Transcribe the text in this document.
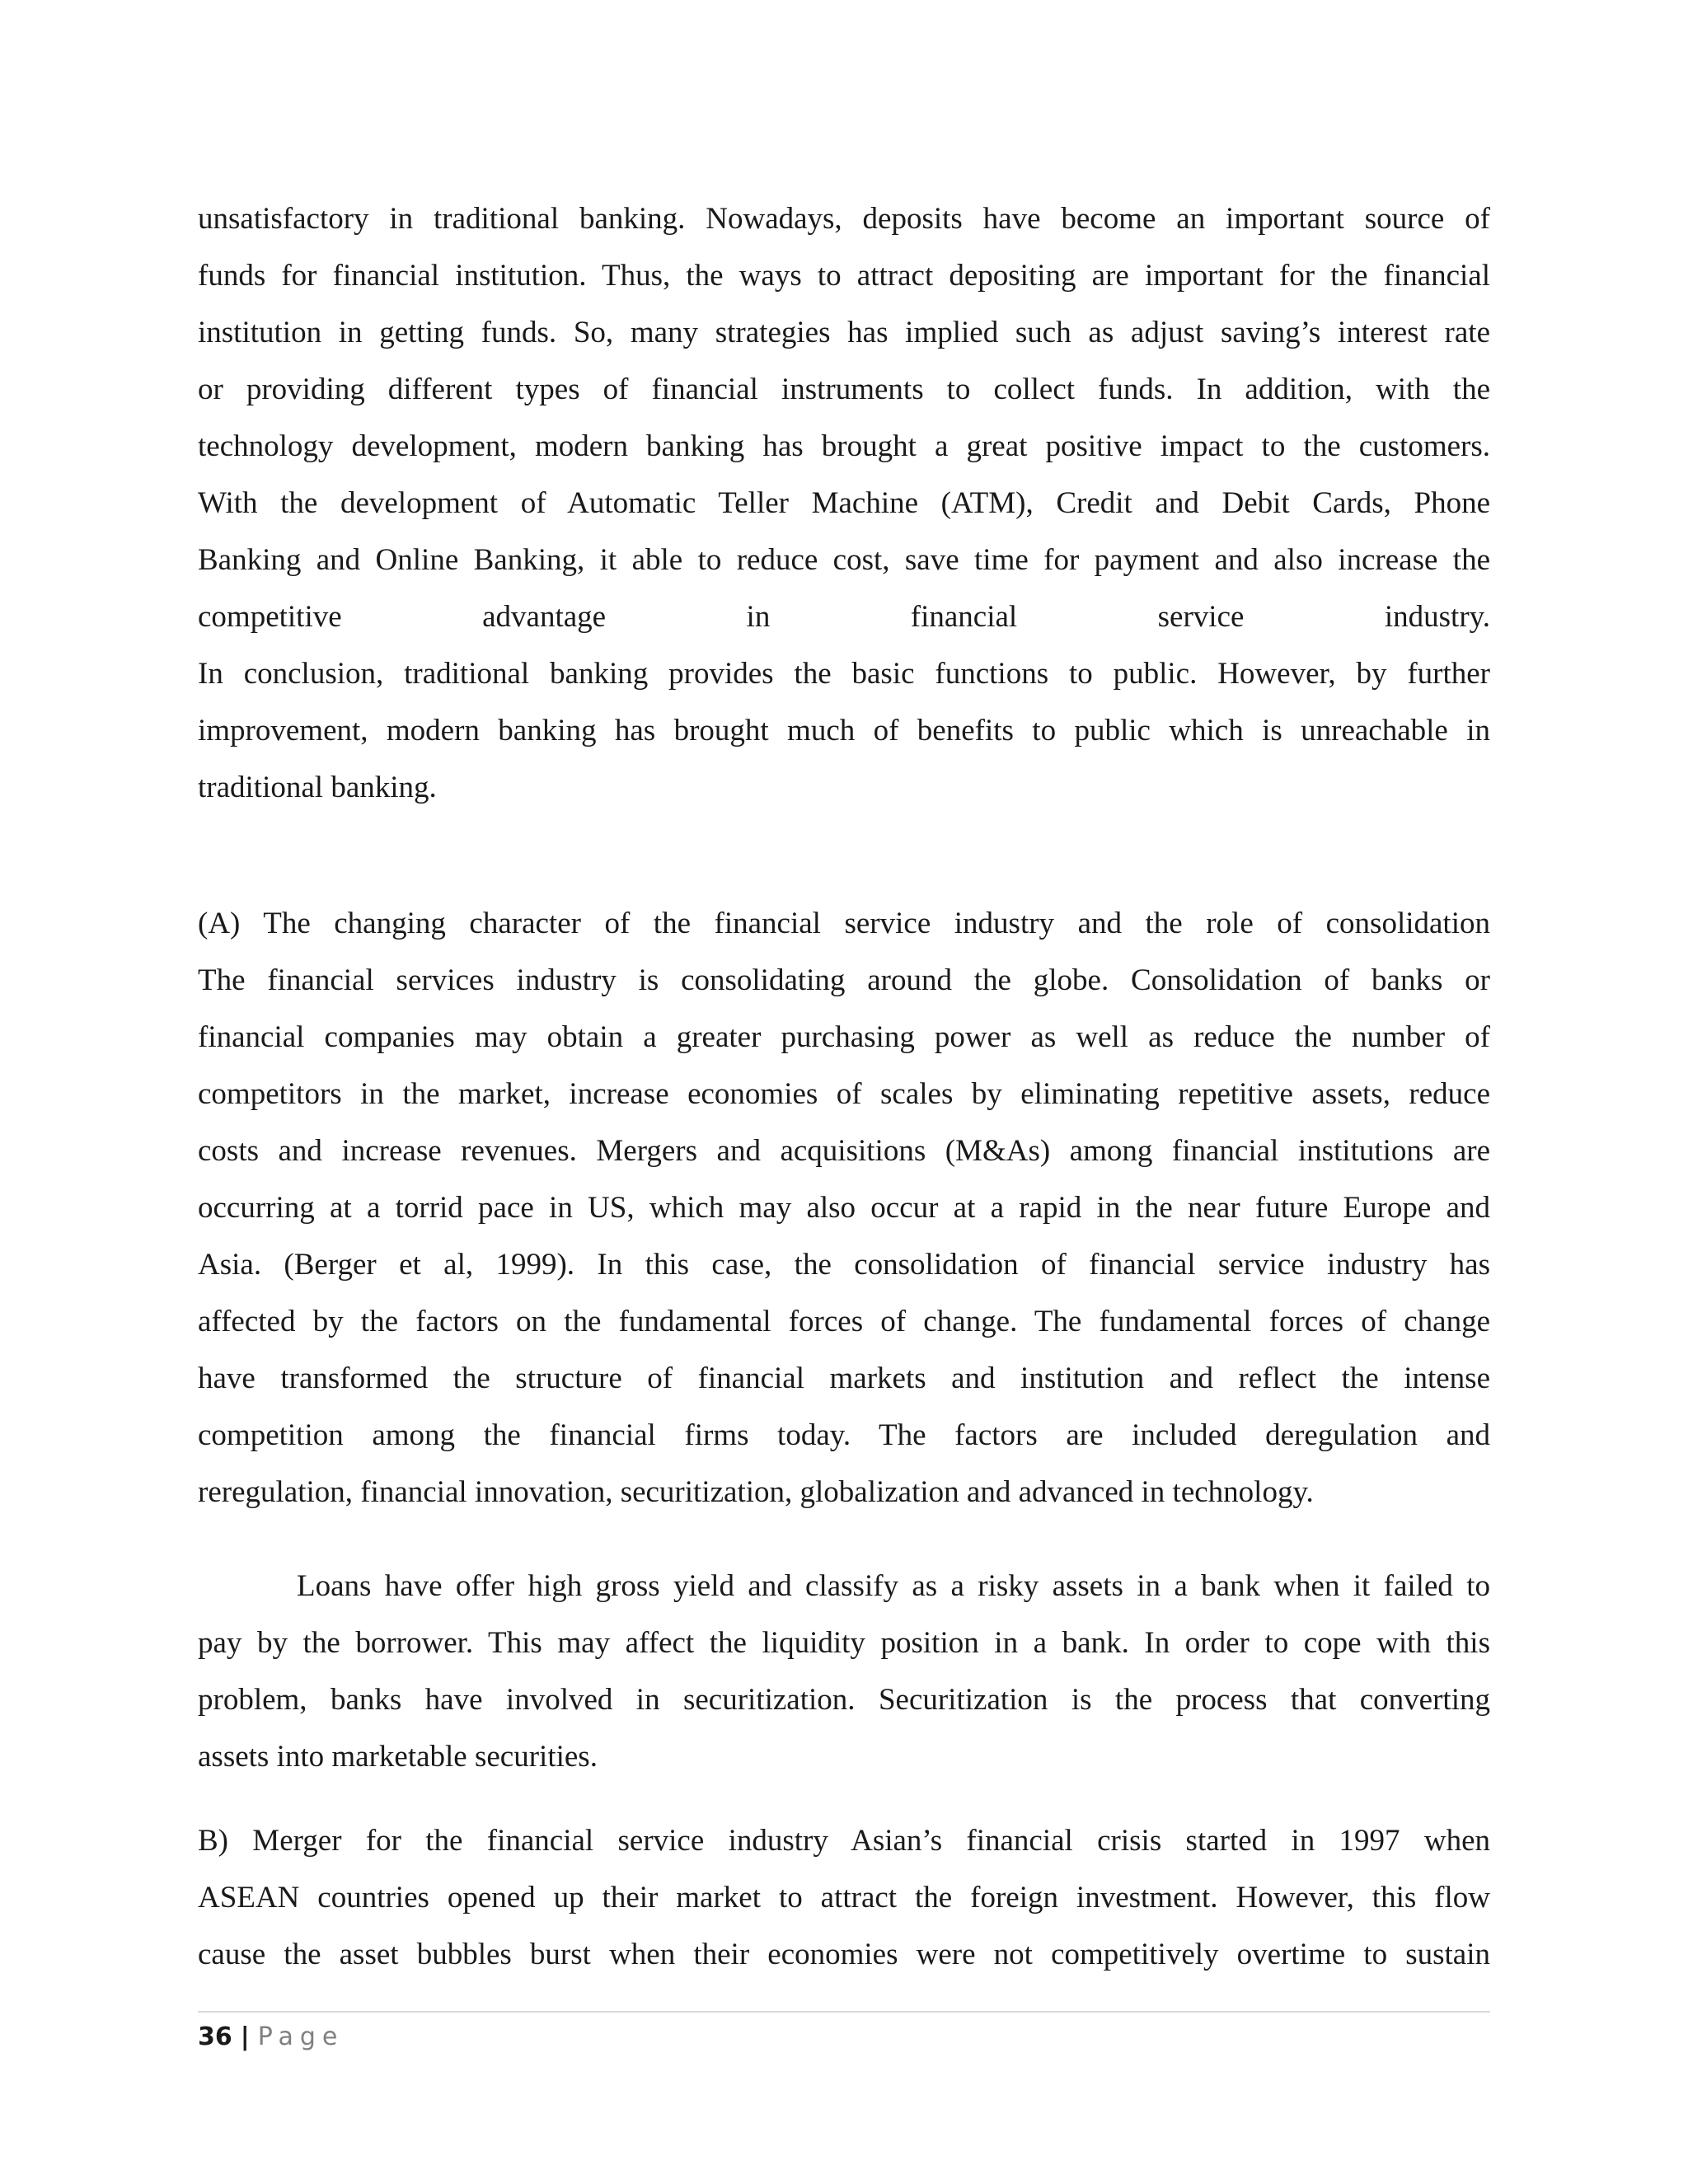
unsatisfactory in traditional banking. Nowadays, deposits have become an important source of
funds for financial institution. Thus, the ways to attract depositing are important for the financial
institution in getting funds. So, many strategies has implied such as adjust saving’s interest rate
or providing different types of financial instruments to collect funds. In addition, with the
technology development, modern banking has brought a great positive impact to the customers.
With the development of Automatic Teller Machine (ATM), Credit and Debit Cards, Phone
Banking and Online Banking, it able to reduce cost, save time for payment and also increase the
competitive advantage in financial service industry.
In conclusion, traditional banking provides the basic functions to public. However, by further
improvement, modern banking has brought much of benefits to public which is unreachable in
traditional banking.
(A) The changing character of the financial service industry and the role of consolidation
The financial services industry is consolidating around the globe. Consolidation of banks or
financial companies may obtain a greater purchasing power as well as reduce the number of
competitors in the market, increase economies of scales by eliminating repetitive assets, reduce
costs and increase revenues. Mergers and acquisitions (M&As) among financial institutions are
occurring at a torrid pace in US, which may also occur at a rapid in the near future Europe and
Asia. (Berger et al, 1999). In this case, the consolidation of financial service industry has
affected by the factors on the fundamental forces of change. The fundamental forces of change
have transformed the structure of financial markets and institution and reflect the intense
competition among the financial firms today. The factors are included deregulation and
reregulation, financial innovation, securitization, globalization and advanced in technology.
Loans have offer high gross yield and classify as a risky assets in a bank when it failed to
pay by the borrower. This may affect the liquidity position in a bank. In order to cope with this
problem, banks have involved in securitization. Securitization is the process that converting
assets into marketable securities.
B) Merger for the financial service industry Asian’s financial crisis started in 1997 when
ASEAN countries opened up their market to attract the foreign investment. However, this flow
cause the asset bubbles burst when their economies were not competitively overtime to sustain
36 | Page
